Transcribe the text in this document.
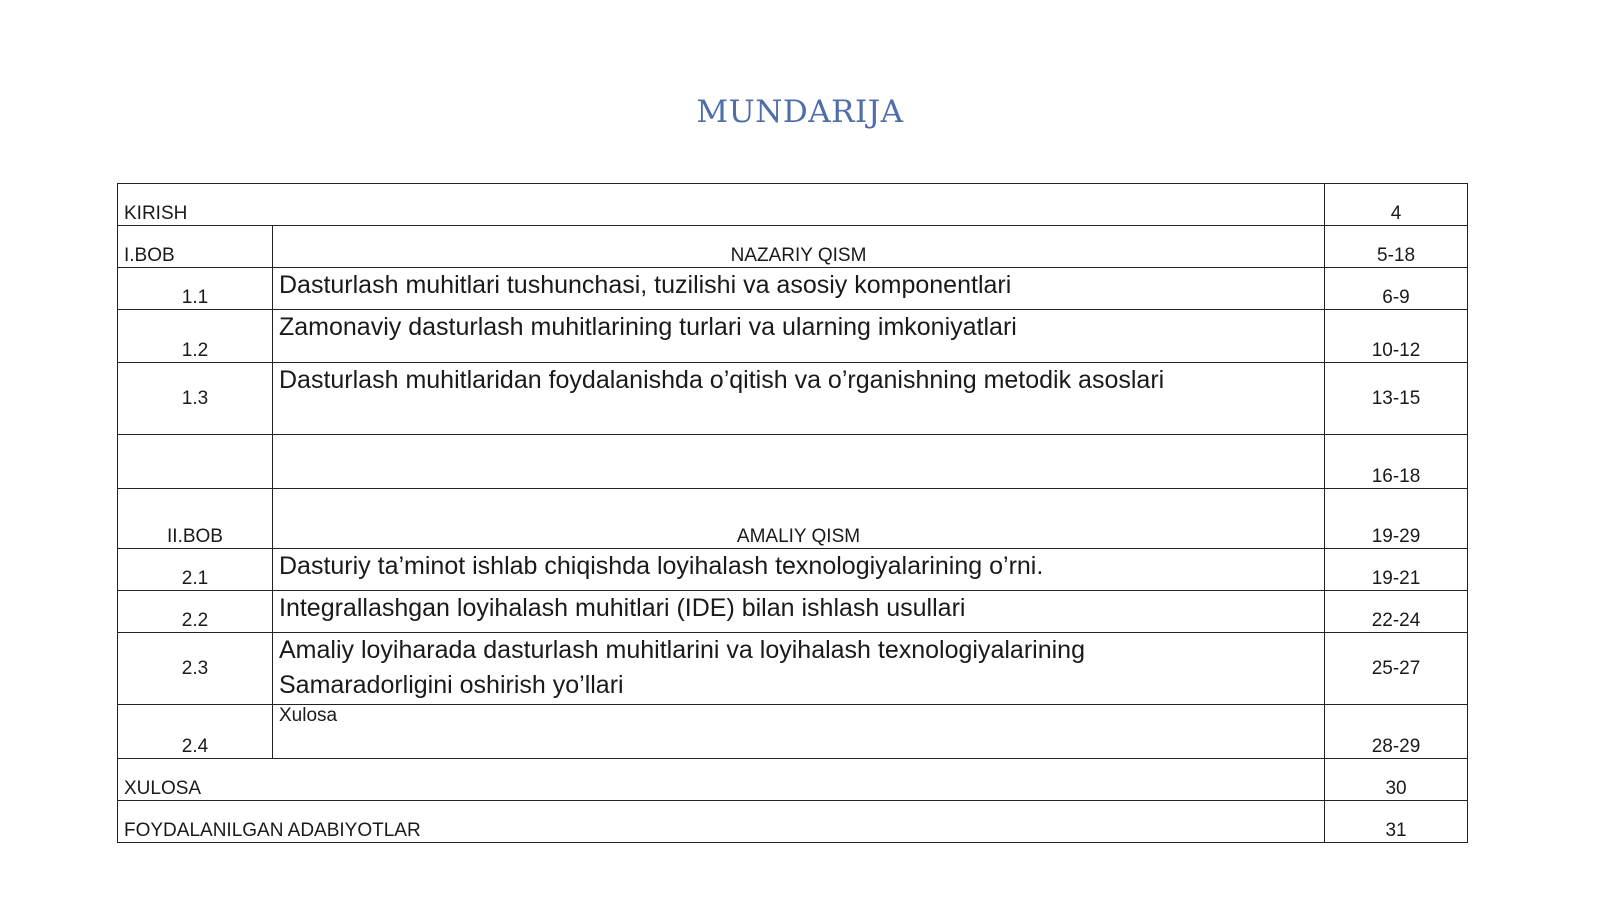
MUNDARIJA
KIRISH		4
I.BOB	NAZARIY QISM	5-18
1.1	Dasturlash muhitlari tushunchasi, tuzilishi va asosiy komponentlari	6-9
1.2	Zamonaviy dasturlash muhitlarining turlari va ularning imkoniyatlari	10-12
1.3	Dasturlash muhitlaridan foydalanishda o’qitish va o’rganishning metodik asoslari	13-15
		16-18
II.BOB	AMALIY QISM	19-29
2.1	Dasturiy ta’minot ishlab chiqishda loyihalash texnologiyalarining o’rni.	19-21
2.2	Integrallashgan loyihalash muhitlari (IDE) bilan ishlash usullari	22-24
2.3	Amaliy loyiharada dasturlash muhitlarini va loyihalash texnologiyalarining
Samaradorligini oshirish yo’llari	25-27
2.4	Xulosa	28-29
XULOSA		30
FOYDALANILGAN ADABIYOTLAR		31
